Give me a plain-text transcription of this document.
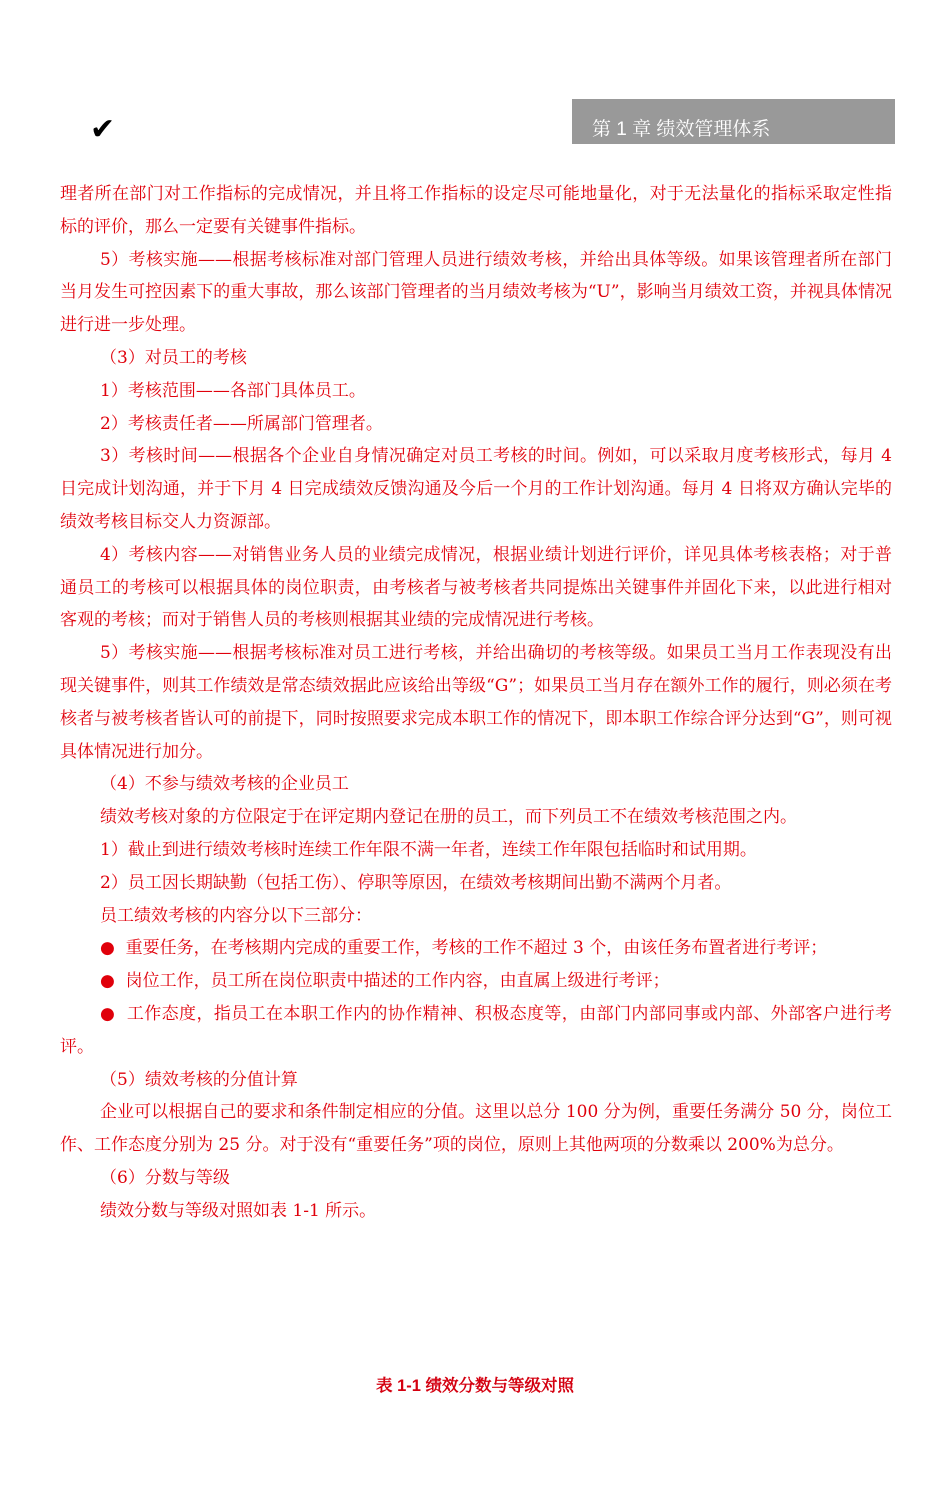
✔	第 1 章 绩效管理体系

理者所在部门对工作指标的完成情况，并且将工作指标的设定尽可能地量化，对于无法量化的指标采取定性指标的评价，那么一定要有关键事件指标。

5）考核实施——根据考核标准对部门管理人员进行绩效考核，并给出具体等级。如果该管理者所在部门当月发生可控因素下的重大事故，那么该部门管理者的当月绩效考核为“U”，影响当月绩效工资，并视具体情况进行进一步处理。

（3）对员工的考核

1）考核范围——各部门具体员工。

2）考核责任者——所属部门管理者。

3）考核时间——根据各个企业自身情况确定对员工考核的时间。例如，可以采取月度考核形式，每月 4 日完成计划沟通，并于下月 4 日完成绩效反馈沟通及今后一个月的工作计划沟通。每月 4 日将双方确认完毕的绩效考核目标交人力资源部。

4）考核内容——对销售业务人员的业绩完成情况，根据业绩计划进行评价，详见具体考核表格；对于普通员工的考核可以根据具体的岗位职责，由考核者与被考核者共同提炼出关键事件并固化下来，以此进行相对客观的考核；而对于销售人员的考核则根据其业绩的完成情况进行考核。

5）考核实施——根据考核标准对员工进行考核，并给出确切的考核等级。如果员工当月工作表现没有出现关键事件，则其工作绩效是常态绩效据此应该给出等级“G”；如果员工当月存在额外工作的履行，则必须在考核者与被考核者皆认可的前提下，同时按照要求完成本职工作的情况下，即本职工作综合评分达到“G”，则可视具体情况进行加分。

（4）不参与绩效考核的企业员工

绩效考核对象的方位限定于在评定期内登记在册的员工，而下列员工不在绩效考核范围之内。

1）截止到进行绩效考核时连续工作年限不满一年者，连续工作年限包括临时和试用期。

2）员工因长期缺勤（包括工伤）、停职等原因，在绩效考核期间出勤不满两个月者。

员工绩效考核的内容分以下三部分：

● 重要任务，在考核期内完成的重要工作，考核的工作不超过 3 个，由该任务布置者进行考评；

● 岗位工作，员工所在岗位职责中描述的工作内容，由直属上级进行考评；

● 工作态度，指员工在本职工作内的协作精神、积极态度等，由部门内部同事或内部、外部客户进行考评。

（5）绩效考核的分值计算

企业可以根据自己的要求和条件制定相应的分值。这里以总分 100 分为例，重要任务满分 50 分，岗位工作、工作态度分别为 25 分。对于没有“重要任务”项的岗位，原则上其他两项的分数乘以 200%为总分。

（6）分数与等级

绩效分数与等级对照如表 1-1 所示。

表 1-1 绩效分数与等级对照
